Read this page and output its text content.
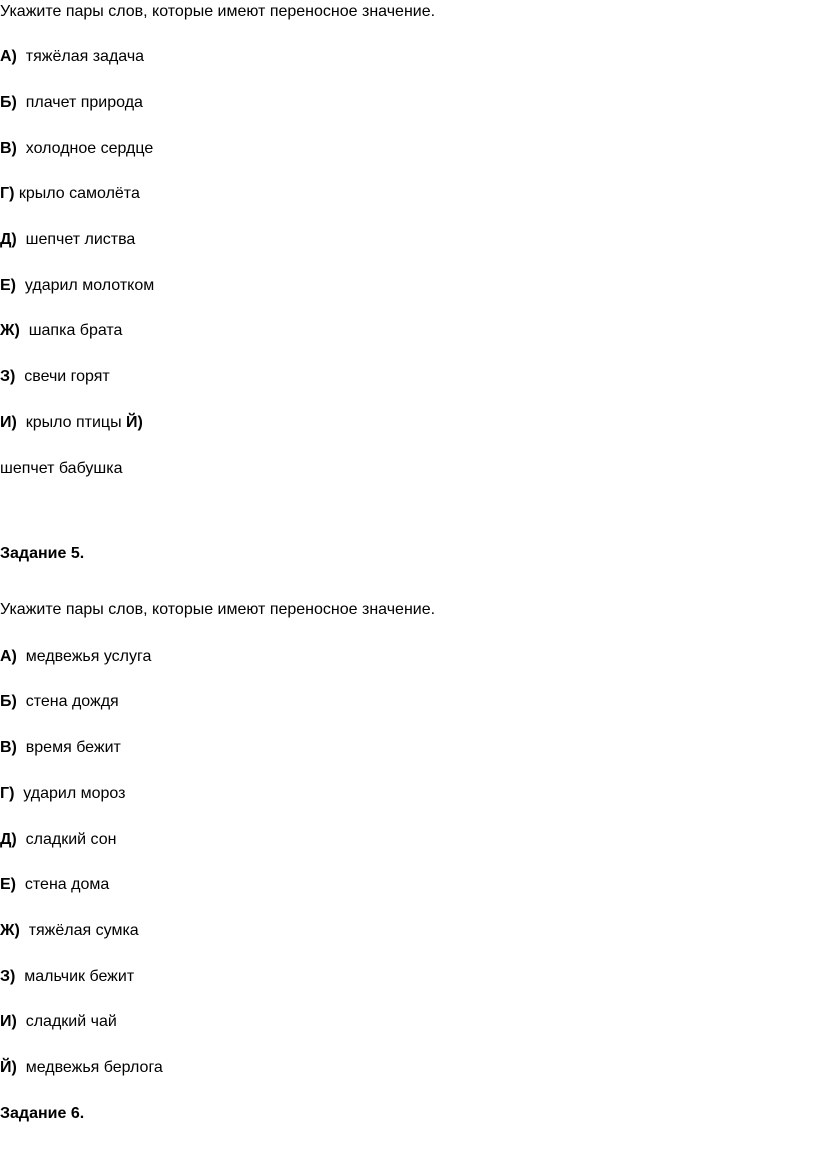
Укажите пары слов, которые имеют переносное значение.
А) тяжёлая задача
Б) плачет природа
В) холодное сердце
Г) крыло самолёта
Д) шепчет листва
Е) ударил молотком
Ж) шапка брата
З) свечи горят
И) крыло птицы Й)
шепчет бабушка
Задание 5.
Укажите пары слов, которые имеют переносное значение.
А) медвежья услуга
Б) стена дождя
В) время бежит
Г) ударил мороз
Д) сладкий сон
Е) стена дома
Ж) тяжёлая сумка
З) мальчик бежит
И) сладкий чай
Й) медвежья берлога
Задание 6.
